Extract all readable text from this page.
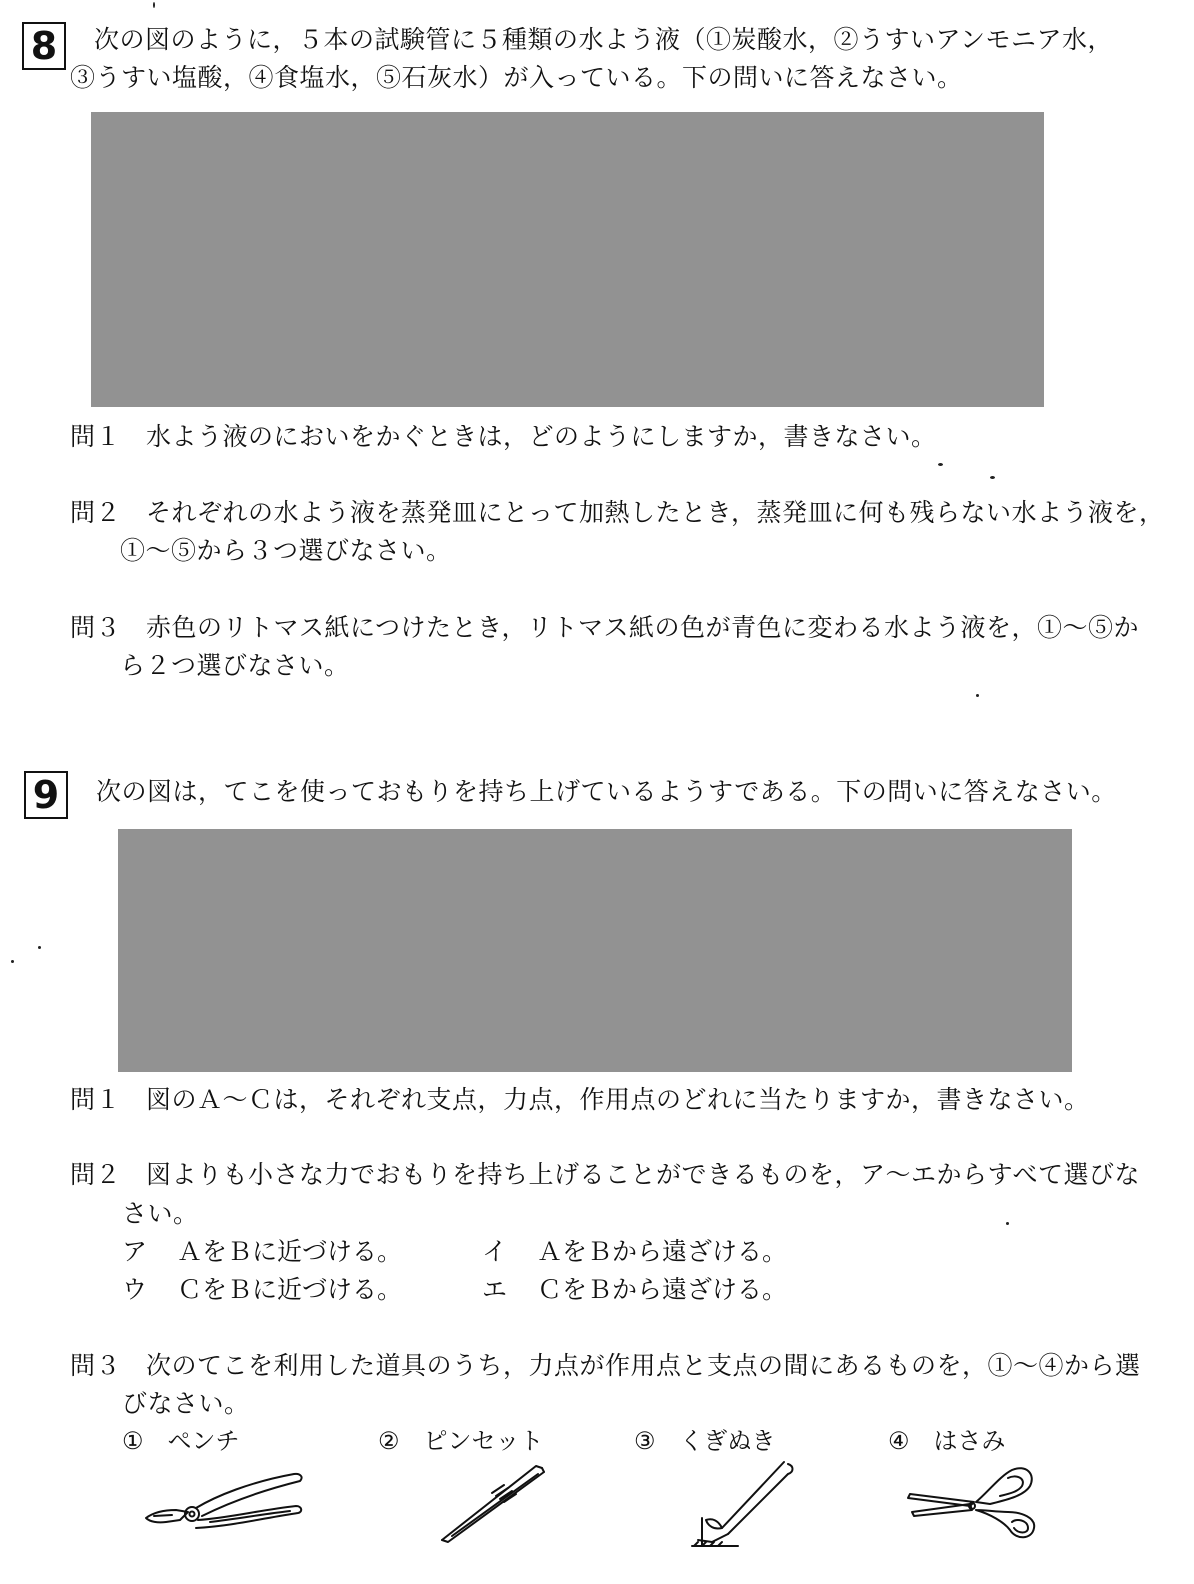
8	次の図のように，５本の試験管に５種類の水よう液（①炭酸水，②うすいアンモニア水，
③うすい塩酸，④食塩水，⑤石灰水）が入っている。下の問いに答えなさい。
問１ 水よう液のにおいをかぐときは，どのようにしますか，書きなさい。
問２ それぞれの水よう液を蒸発皿にとって加熱したとき，蒸発皿に何も残らない水よう液を，
①～⑤から３つ選びなさい。
問３ 赤色のリトマス紙につけたとき，リトマス紙の色が青色に変わる水よう液を，①～⑤か
ら２つ選びなさい。
9	次の図は，てこを使っておもりを持ち上げているようすである。下の問いに答えなさい。
問１ 図のＡ～Ｃは，それぞれ支点，力点，作用点のどれに当たりますか，書きなさい。
問２ 図よりも小さな力でおもりを持ち上げることができるものを，ア～エからすべて選びな
さい。
ア ＡをＢに近づける。	イ ＡをＢから遠ざける。
ウ ＣをＢに近づける。	エ ＣをＢから遠ざける。
問３ 次のてこを利用した道具のうち，力点が作用点と支点の間にあるものを，①～④から選
びなさい。
① ペンチ	② ピンセット	③ くぎぬき	④ はさみ
